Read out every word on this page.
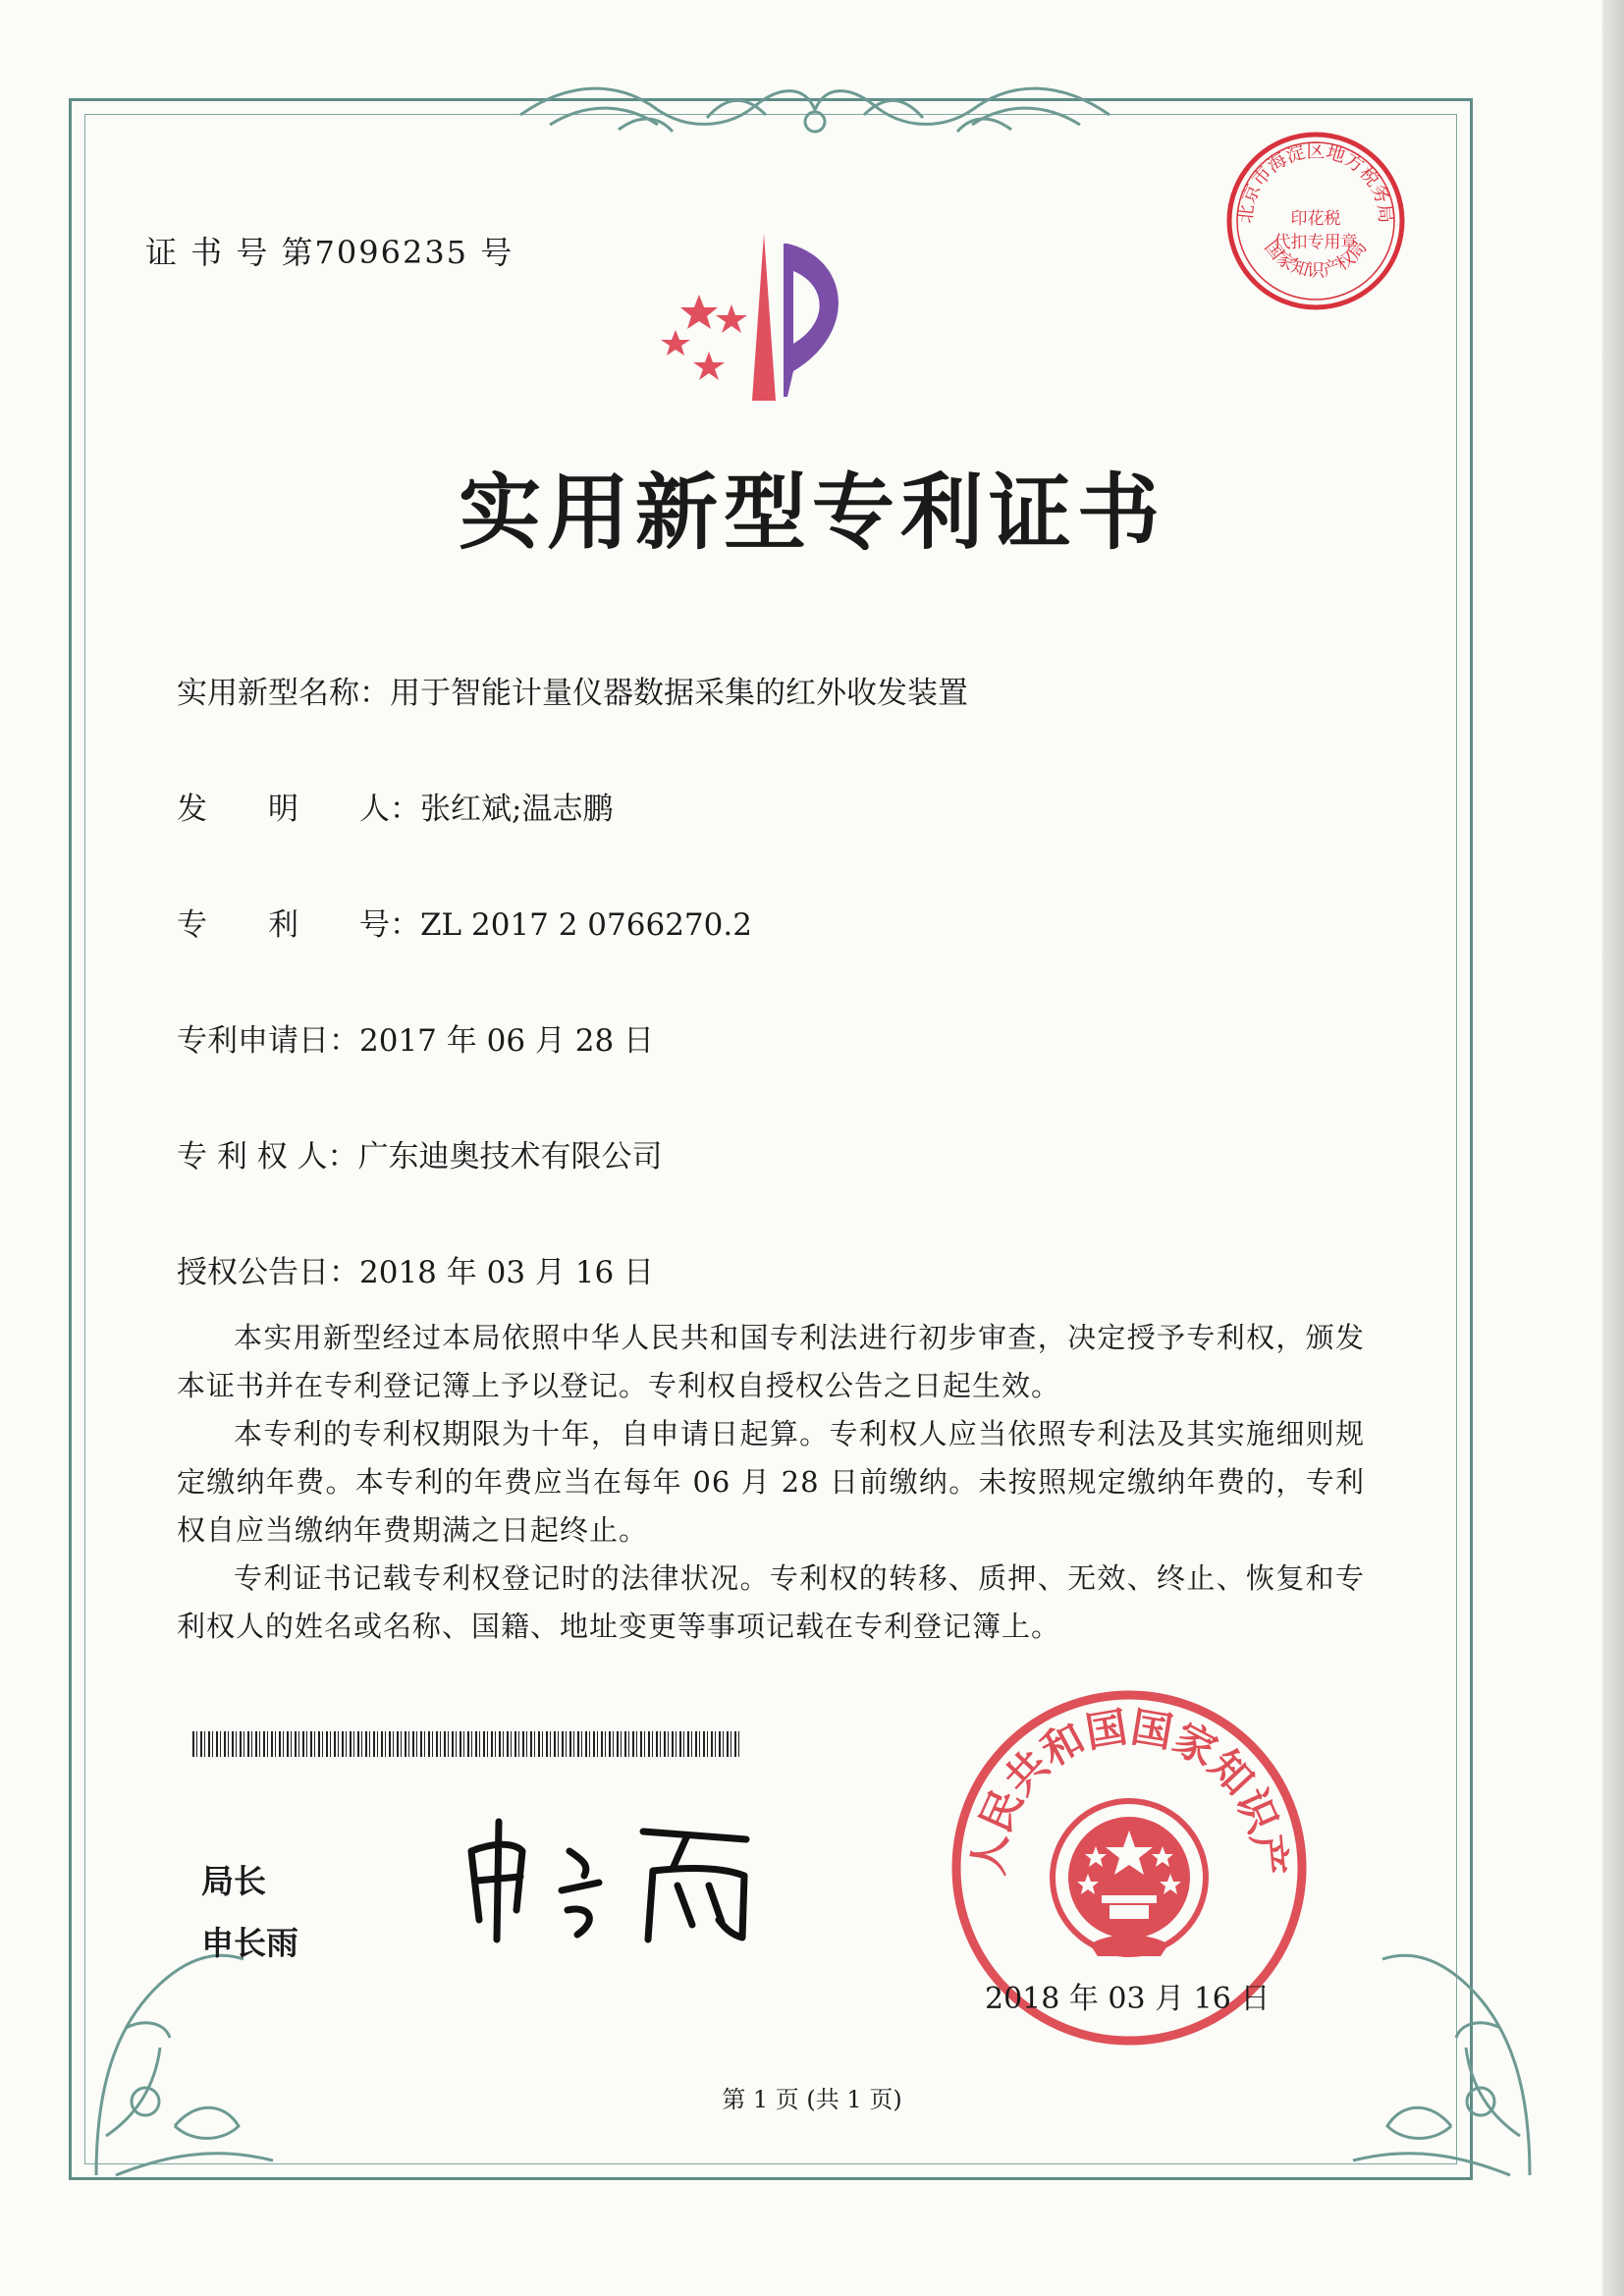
证 书 号 第7096235 号
北京市海淀区地方税务局
印花税
代扣专用章
国家知识产权局
实用新型专利证书
实用新型名称：用于智能计量仪器数据采集的红外收发装置
发　　明　　人：张红斌;温志鹏
专　　利　　号：ZL 2017 2 0766270.2
专利申请日：2017 年 06 月 28 日
专 利 权 人：广东迪奥技术有限公司
授权公告日：2018 年 03 月 16 日
本实用新型经过本局依照中华人民共和国专利法进行初步审查，决定授予专利权，颁发本证书并在专利登记簿上予以登记。专利权自授权公告之日起生效。
本专利的专利权期限为十年，自申请日起算。专利权人应当依照专利法及其实施细则规定缴纳年费。本专利的年费应当在每年 06 月 28 日前缴纳。未按照规定缴纳年费的，专利权自应当缴纳年费期满之日起终止。
专利证书记载专利权登记时的法律状况。专利权的转移、质押、无效、终止、恢复和专利权人的姓名或名称、国籍、地址变更等事项记载在专利登记簿上。
局长
申长雨
中华人民共和国国家知识产权局
2018 年 03 月 16 日
第 1 页 (共 1 页)
